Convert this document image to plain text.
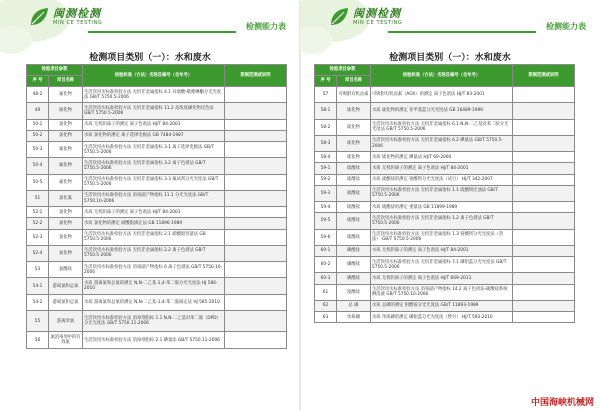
闽测检测
MIN CE TESTING	检测能力表
检测项目类别（一）：水和废水
检验项目参数		检验标准（方法）名称及编号（含年号）	限制范围或说明
序 号	项目名称		
48-2	氟化物	生活饮用水标准检验方法 无机非金属指标 4.1 异烟酸-吡唑啉酮分光光度法 GB/T 5750.5-2006	
49	硝化物	生活饮用水标准检验方法 无机非金属指标 11.2 高浓度磷化物比色法 GB/T 5750.5-2006	
50-1	氯化物	水质 无机阴离子的测定 离子色谱法 HJ/T 84-2001	
50-2	氯化物	水质 氯化物的测定 离子选择电极法 GB 7484-1987	
50-3	氟化物	生活饮用水标准检验方法 无机非金属指标 3.1 离子选择电极法 GB/T 5750.5-2006	
50-4	氟化物	生活饮用水标准检验方法 无机非金属指标 3.2 离子色谱法 GB/T 5750.5-2006	
50-5	氟化物	生活饮用水标准检验方法 无机非金属指标 3.3 氟试剂分光光度法 GB/T 5750.5-2006	
51	氯化氰	生活饮用水标准检验方法 消毒副产物指标 11.1 分光光度法 GB/T 5750.10-2006	
52-1	氯化物	水质 无机阴离子的测定 离子色谱法 HJ/T 84-2001	
52-2	氯化物	水质 氯化物的测定 硝酸银滴定法 GB 11896-1989	
52-3	氯化物	生活饮用水标准检验方法 无机非金属指标 2.1 硝酸银容量法 GB 5750.5-2006	
52-4	氯化物	生活饮用水标准检验方法 无机非金属指标 2.2 离子色谱法 GB/T 5750.5-2006	
53	氯酸盐	生活饮用水标准检验方法 消毒副产物指标 6 离子色谱法 GB/T 5750.10-2006	
54-1	游离氯和总氯	水质 游离氯和总氯的测定 N,N-二乙基-1,4-苯二胺分光光度法 HJ 586-2010	
54-2	游离氯和总氯	水质 游离氯和总氯的测定 N,N-二乙基-1,4-苯二胺滴定法 HJ 585-2010	
55	游离余氯	生活饮用水标准检验方法 消毒剂指标 1.1 N,N-二乙基对苯二胺（DPD）分光光度法 GB/T 5750.11-2006	
56	氯消毒剂中的有效氯	生活饮用水标准检验方法 消毒剂指标 2.1 碘量法 GB/T 5750.11-2006	
闽测检测
MIN CE TESTING	检测能力表
检测项目类别（一）：水和废水
检验项目参数		检验标准（方法）名称及编号（含年号）	限制范围或说明
序 号	项目名称		
57	可吸附有机卤素	可吸附有机卤素（AOX）的测定 离子色谱法 HJ/T 83-2001	
58-1	硫化物	水质 硫化物的测定 亚甲基蓝分光光度法 GB 16489-1996	
58-2	硫化物	生活饮用水标准检验方法 无机非金属指标 6.1 N,N-二乙基对苯二胺分光光度法 GB/T 5750.5-2006	
58-3	硫化物	生活饮用水标准检验方法 无机非金属指标 6.2 碘量法 GB/T 5750.5-2006	
58-4	硫化物	水质 硫化物的测定 碘量法 HJ/T 60-2000	
59-1	硫酸盐	水质 无机阴离子的测定 离子色谱法 HJ/T 84-2001	
59-2	硫酸盐	水质 硫酸盐的测定 铬酸钡分光光度法（试行） HJ/T 342-2007	
59-3	硫酸盐	生活饮用水标准检验方法 无机非金属指标 1.1 硫酸钡比浊法 GB/T 5750.5-2006	
59-4	硫酸盐	水质 硫酸盐的测定 重量法 GB 11899-1989	
59-5	硫酸盐	生活饮用水标准检验方法 无机非金属指标 1.2 离子色谱法 GB/T 5750.5-2006	
59-6	硫酸盐	生活饮用水标准检验方法 无机非金属指标 1.3 铬酸钡分光光度法（热法） GB/T 5750.5-2006	
60-1	磷酸盐	水质 无机阴离子的测定 离子色谱法 HJ/T 84-2001	
60-2	磷酸盐	生活饮用水标准检验方法 无机非金属指标 7.1 磷钼蓝分光光度法 GB/T 5750.5-2006	
60-3	磷酸盐	水质 无机阴离子的测定 离子色谱法 HJ/T 669-2013	
61	溴酸盐	生活饮用水标准检验方法 消毒副产物指标 14.2 离子色谱法-碳酸盐系统淋洗液 GB/T 5750.10-2006	
62	总 磷	水质 总磷的测定 钼酸铵分光光度法 GB/T 11893-1989	
63	单质磷	水质 单质磷的测定 磷钼蓝分光光度法（暂行） HJ/T 593-2010	
中国海峡机械网
